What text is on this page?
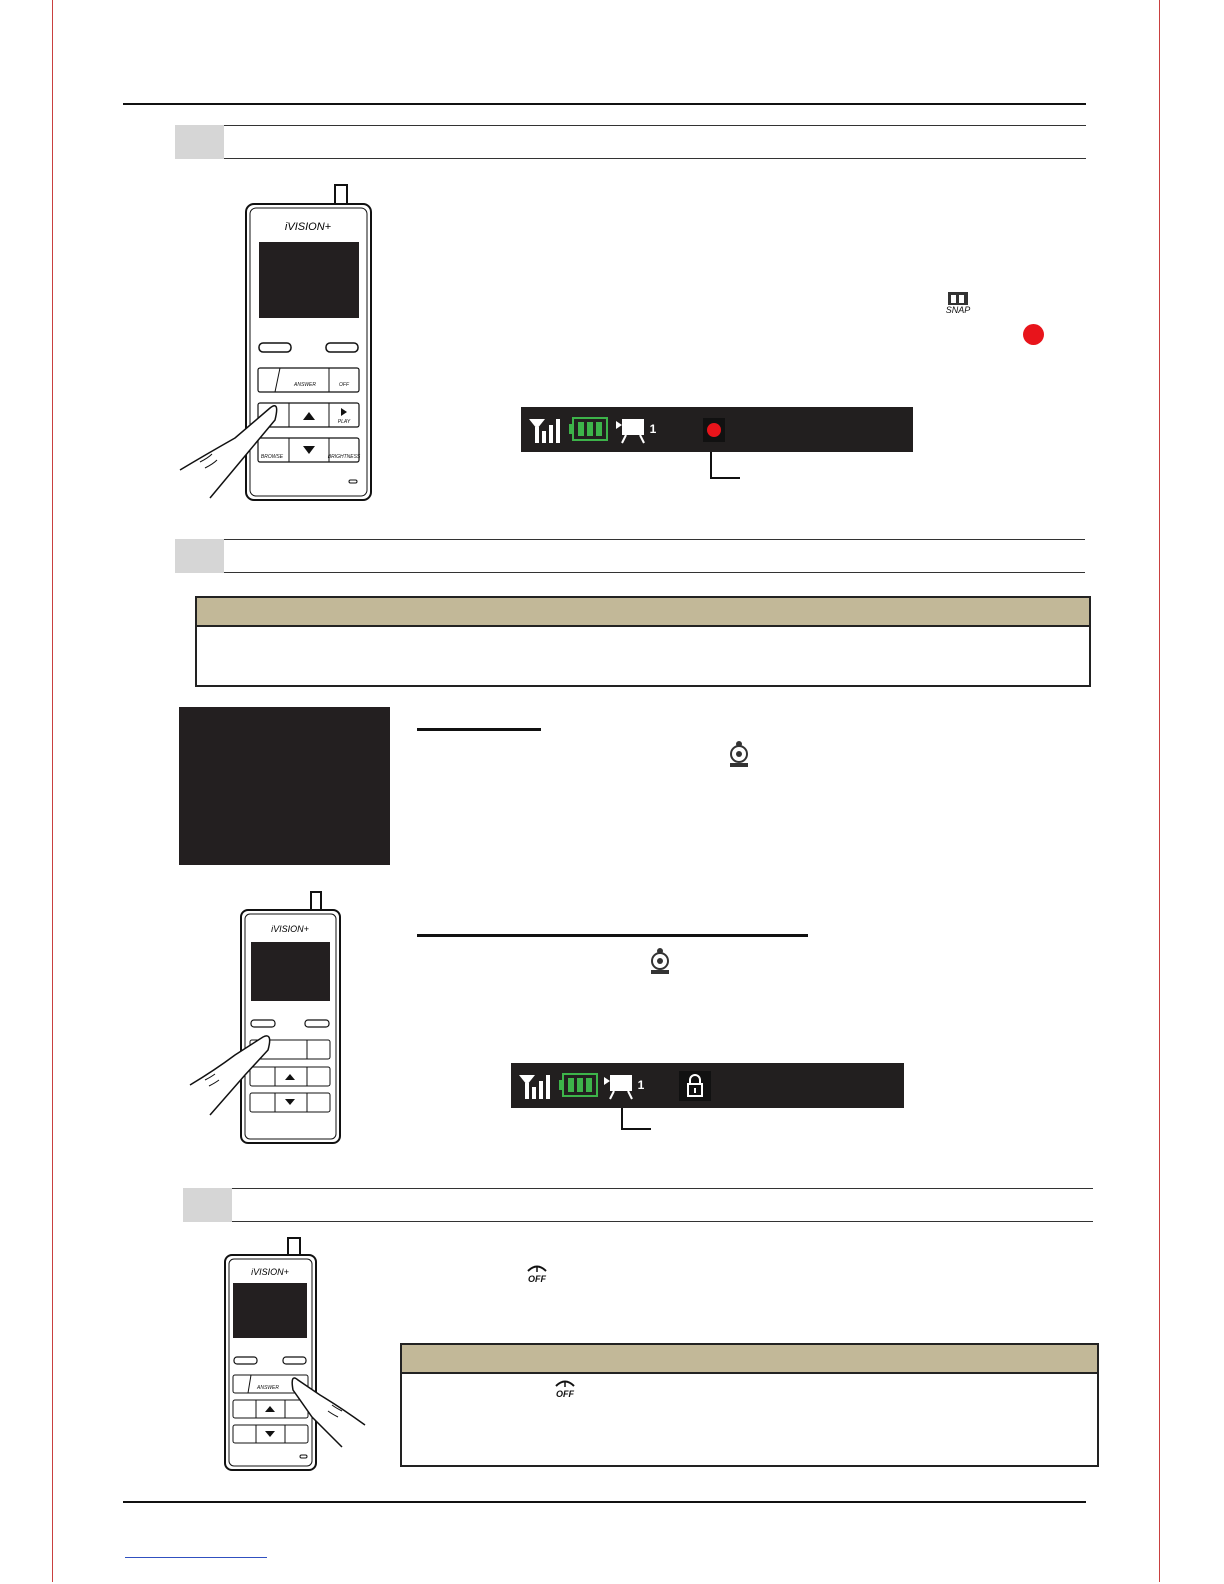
iVISION+
ANSWER	OFF
PLAY
BROWSE	BRIGHTNESS
SNAP
1
iVISION+
1
iVISION+
ANSWER
OFF
OFF
